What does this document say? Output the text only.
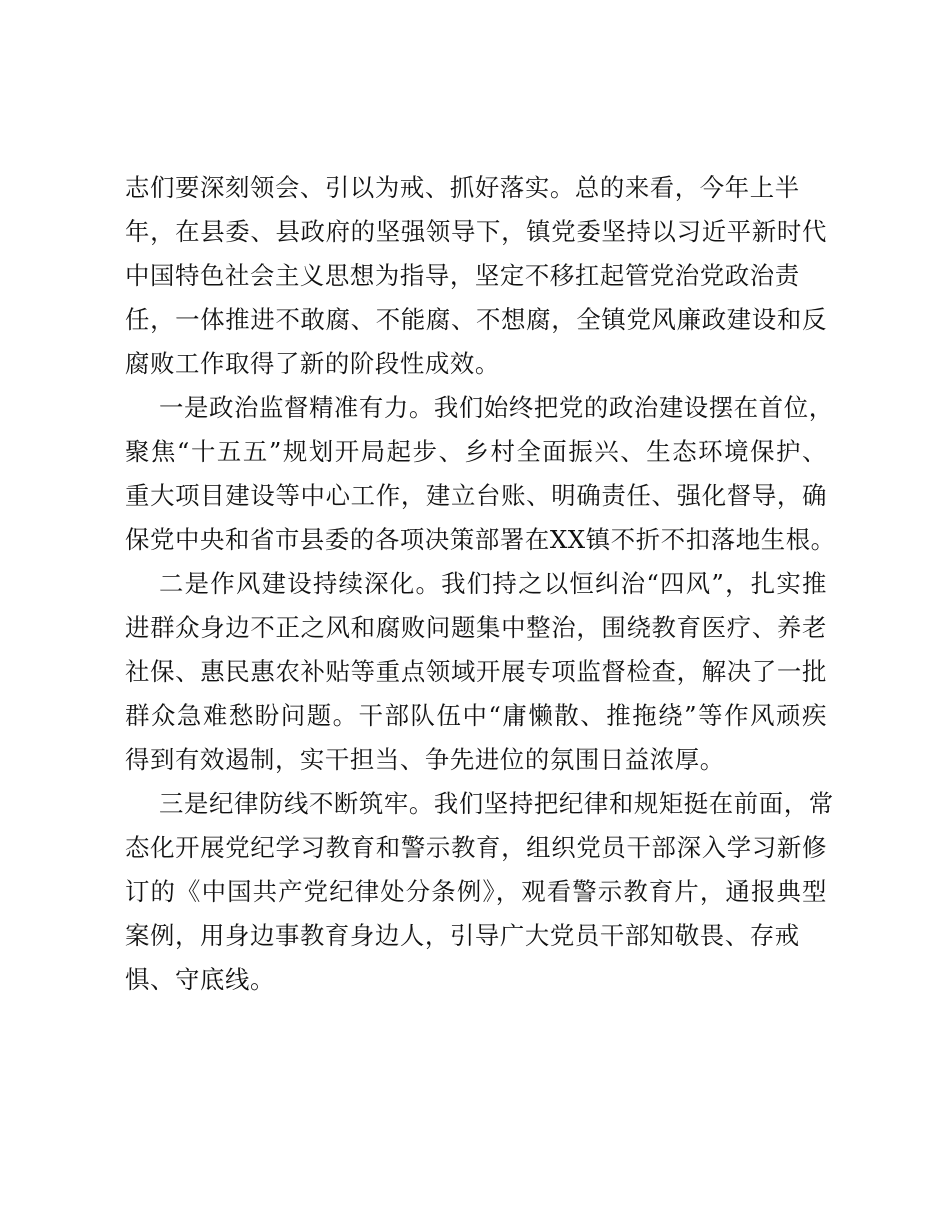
志们要深刻领会、引以为戒、抓好落实。总的来看，今年上半
年，在县委、县政府的坚强领导下，镇党委坚持以习近平新时代
中国特色社会主义思想为指导，坚定不移扛起管党治党政治责
任，一体推进不敢腐、不能腐、不想腐，全镇党风廉政建设和反
腐败工作取得了新的阶段性成效。
一是政治监督精准有力。我们始终把党的政治建设摆在首位，
聚焦“十五五”规划开局起步、乡村全面振兴、生态环境保护、
重大项目建设等中心工作，建立台账、明确责任、强化督导，确
保党中央和省市县委的各项决策部署在XX镇不折不扣落地生根。
二是作风建设持续深化。我们持之以恒纠治“四风”，扎实推
进群众身边不正之风和腐败问题集中整治，围绕教育医疗、养老
社保、惠民惠农补贴等重点领域开展专项监督检查，解决了一批
群众急难愁盼问题。干部队伍中“庸懒散、推拖绕”等作风顽疾
得到有效遏制，实干担当、争先进位的氛围日益浓厚。
三是纪律防线不断筑牢。我们坚持把纪律和规矩挺在前面，常
态化开展党纪学习教育和警示教育，组织党员干部深入学习新修
订的《中国共产党纪律处分条例》，观看警示教育片，通报典型
案例，用身边事教育身边人，引导广大党员干部知敬畏、存戒
惧、守底线。
